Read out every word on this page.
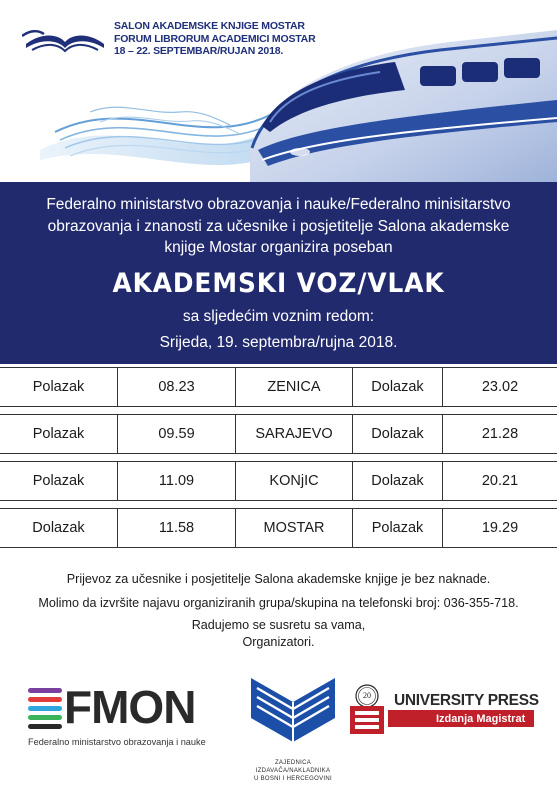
SALON AKADEMSKE KNJIGE MOSTAR
FORUM LIBRORUM ACADEMICI MOSTAR
18 – 22. SEPTEMBAR/RUJAN 2018.
Federalno ministarstvo obrazovanja i nauke/Federalno minisitarstvo
obrazovanja i znanosti za učesnike i posjetitelje Salona akademske
knjige Mostar organizira poseban
AKADEMSKI VOZ/VLAK
sa sljedećim voznim redom:
Srijeda, 19. septembra/rujna 2018.
Polazak	08.23	ZENICA	Dolazak	23.02
Polazak	09.59	SARAJEVO	Dolazak	21.28
Polazak	11.09	KONjIC	Dolazak	20.21
Dolazak	11.58	MOSTAR	Polazak	19.29
Prijevoz za učesnike i posjetitelje Salona akademske knjige je bez naknade.
Molimo da izvršite najavu organiziranih grupa/skupina na telefonski broj: 036-355-718.
Radujemo se susretu sa vama,
Organizatori.
FMON
Federalno ministarstvo obrazovanja i nauke
ZAJEDNICA IZDAVAČA/NAKLADNIKA
U BOSNI I HERCEGOVINI
20	UNIVERSITY PRESS
Izdanja Magistrat
